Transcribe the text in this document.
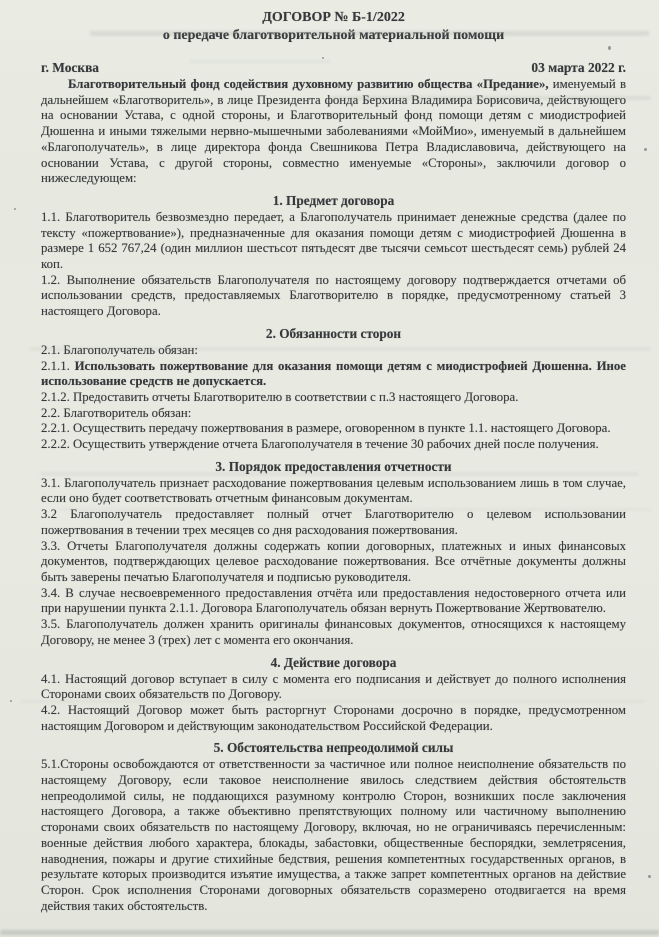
ДОГОВОР № Б-1/2022

о передаче благотворительной материальной помощи

г. Москва	03 марта 2022 г.

Благотворительный фонд содействия духовному развитию общества «Предание», именуемый в дальнейшем «Благотворитель», в лице Президента фонда Берхина Владимира Борисовича, действующего на основании Устава, с одной стороны, и Благотворительный фонд помощи детям с миодистрофией Дюшенна и иными тяжелыми нервно-мышечными заболеваниями «МойМио», именуемый в дальнейшем «Благополучатель», в лице директора фонда Свешникова Петра Владиславовича, действующего на основании Устава, с другой стороны, совместно именуемые «Стороны», заключили договор о нижеследующем:

1. Предмет договора

1.1. Благотворитель безвозмездно передает, а Благополучатель принимает денежные средства (далее по тексту «пожертвование»), предназначенные для оказания помощи детям с миодистрофией Дюшенна в размере 1 652 767,24 (один миллион шестьсот пятьдесят две тысячи семьсот шестьдесят семь) рублей 24 коп.

1.2. Выполнение обязательств Благополучателя по настоящему договору подтверждается отчетами об использовании средств, предоставляемых Благотворителю в порядке, предусмотренному статьей 3 настоящего Договора.

2. Обязанности сторон

2.1. Благополучатель обязан:

2.1.1. Использовать пожертвование для оказания помощи детям с миодистрофией Дюшенна. Иное использование средств не допускается.

2.1.2. Предоставить отчеты Благотворителю в соответствии с п.3 настоящего Договора.

2.2. Благотворитель обязан:

2.2.1. Осуществить передачу пожертвования в размере, оговоренном в пункте 1.1. настоящего Договора.

2.2.2. Осуществить утверждение отчета Благополучателя в течение 30 рабочих дней после получения.

3. Порядок предоставления отчетности

3.1. Благополучатель признает расходование пожертвования целевым использованием лишь в том случае, если оно будет соответствовать отчетным финансовым документам.

3.2 Благополучатель предоставляет полный отчет Благотворителю о целевом использовании пожертвования в течении трех месяцев со дня расходования пожертвования.

3.3. Отчеты Благополучателя должны содержать копии договорных, платежных и иных финансовых документов, подтверждающих целевое расходование пожертвования. Все отчётные документы должны быть заверены печатью Благополучателя и подписью руководителя.

3.4. В случае несвоевременного предоставления отчёта или предоставления недостоверного отчета или при нарушении пункта 2.1.1. Договора Благополучатель обязан вернуть Пожертвование Жертвователю.

3.5. Благополучатель должен хранить оригиналы финансовых документов, относящихся к настоящему Договору, не менее 3 (трех) лет с момента его окончания.

4. Действие договора

4.1. Настоящий договор вступает в силу с момента его подписания и действует до полного исполнения Сторонами своих обязательств по Договору.

4.2. Настоящий Договор может быть расторгнут Сторонами досрочно в порядке, предусмотренном настоящим Договором и действующим законодательством Российской Федерации.

5. Обстоятельства непреодолимой силы

5.1.Стороны освобождаются от ответственности за частичное или полное неисполнение обязательств по настоящему Договору, если таковое неисполнение явилось следствием действия обстоятельств непреодолимой силы, не поддающихся разумному контролю Сторон, возникших после заключения настоящего Договора, а также объективно препятствующих полному или частичному выполнению сторонами своих обязательств по настоящему Договору, включая, но не ограничиваясь перечисленным: военные действия любого характера, блокады, забастовки, общественные беспорядки, землетрясения, наводнения, пожары и другие стихийные бедствия, решения компетентных государственных органов, в результате которых производится изъятие имущества, а также запрет компетентных органов на действие Сторон. Срок исполнения Сторонами договорных обязательств соразмерено отодвигается на время действия таких обстоятельств.
